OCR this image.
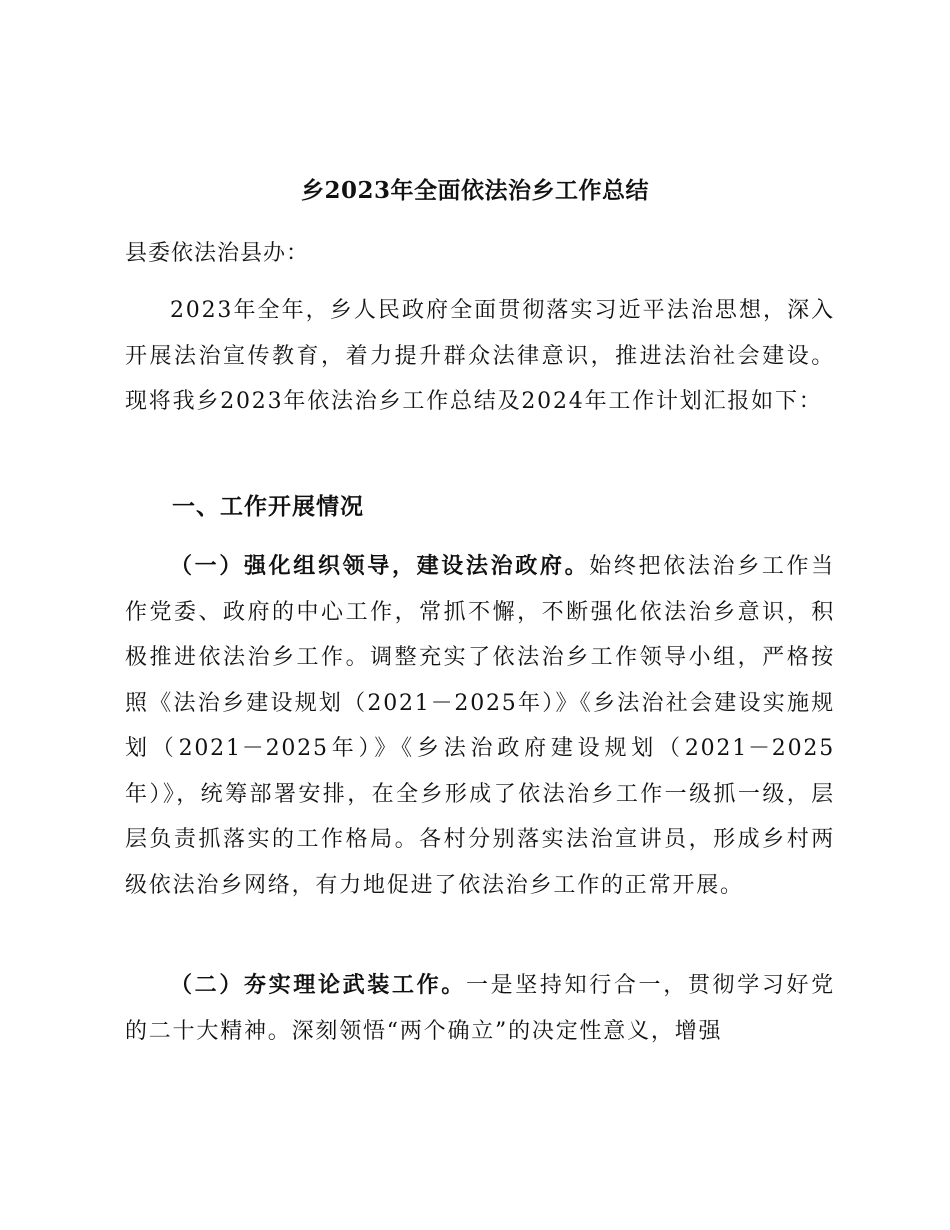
乡2023年全面依法治乡工作总结
县委依法治县办：

2023年全年，乡人民政府全面贯彻落实习近平法治思想，深入开展法治宣传教育，着力提升群众法律意识，推进法治社会建设。现将我乡2023年依法治乡工作总结及2024年工作计划汇报如下：

一、工作开展情况

（一）强化组织领导，建设法治政府。始终把依法治乡工作当作党委、政府的中心工作，常抓不懈，不断强化依法治乡意识，积极推进依法治乡工作。调整充实了依法治乡工作领导小组，严格按照《法治乡建设规划（2021－2025年）》《乡法治社会建设实施规划（2021－2025年）》《乡法治政府建设规划（2021－2025年）》，统筹部署安排，在全乡形成了依法治乡工作一级抓一级，层层负责抓落实的工作格局。各村分别落实法治宣讲员，形成乡村两级依法治乡网络，有力地促进了依法治乡工作的正常开展。

（二）夯实理论武装工作。一是坚持知行合一，贯彻学习好党的二十大精神。深刻领悟“两个确立”的决定性意义，增强
